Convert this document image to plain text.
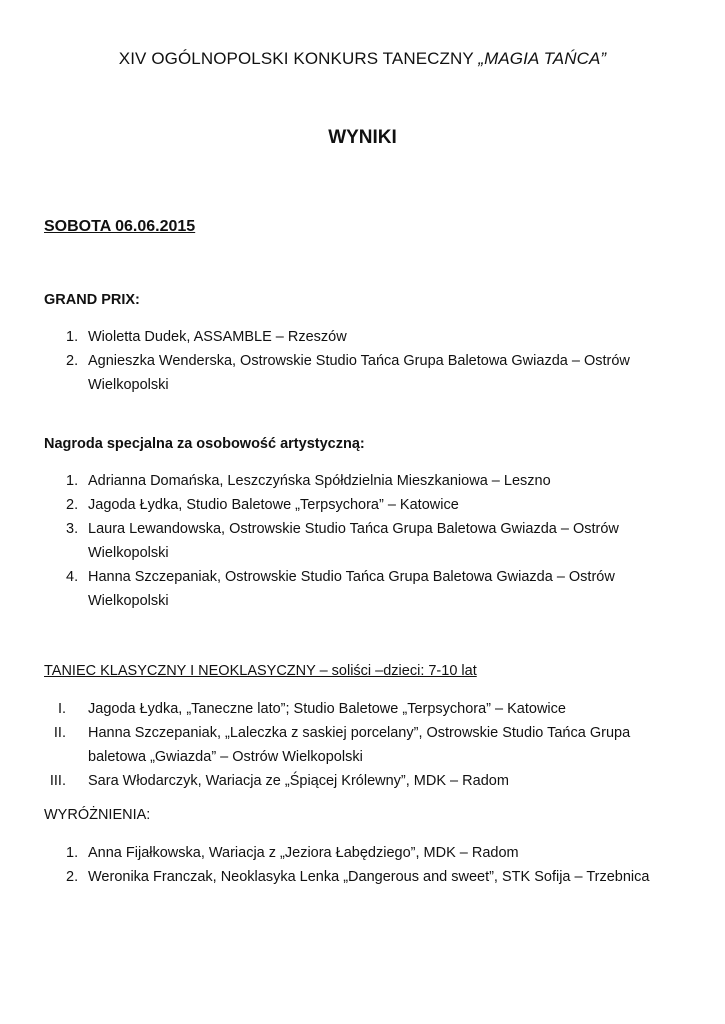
XIV OGÓLNOPOLSKI KONKURS TANECZNY „MAGIA TAŃCA”
WYNIKI
SOBOTA 06.06.2015
GRAND PRIX:
1. Wioletta Dudek, ASSAMBLE – Rzeszów
2. Agnieszka Wenderska, Ostrowskie Studio Tańca Grupa Baletowa Gwiazda – Ostrów
Wielkopolski
Nagroda specjalna za osobowość artystyczną:
1. Adrianna Domańska, Leszczyńska Spółdzielnia Mieszkaniowa – Leszno
2. Jagoda Łydka, Studio Baletowe „Terpsychora” – Katowice
3. Laura Lewandowska, Ostrowskie Studio Tańca Grupa Baletowa Gwiazda – Ostrów
Wielkopolski
4. Hanna Szczepaniak, Ostrowskie Studio Tańca Grupa Baletowa Gwiazda – Ostrów
Wielkopolski
TANIEC KLASYCZNY I NEOKLASYCZNY – soliści –dzieci: 7-10 lat
I. Jagoda Łydka, „Taneczne lato”; Studio Baletowe „Terpsychora” – Katowice
II. Hanna Szczepaniak, „Laleczka z saskiej porcelany”, Ostrowskie Studio Tańca Grupa
baletowa „Gwiazda” – Ostrów Wielkopolski
III. Sara Włodarczyk, Wariacja ze „Śpiącej Królewny”, MDK – Radom
WYRÓŻNIENIA:
1. Anna Fijałkowska, Wariacja z „Jeziora Łabędziego”, MDK – Radom
2. Weronika Franczak, Neoklasyka Lenka „Dangerous and sweet”, STK Sofija – Trzebnica
